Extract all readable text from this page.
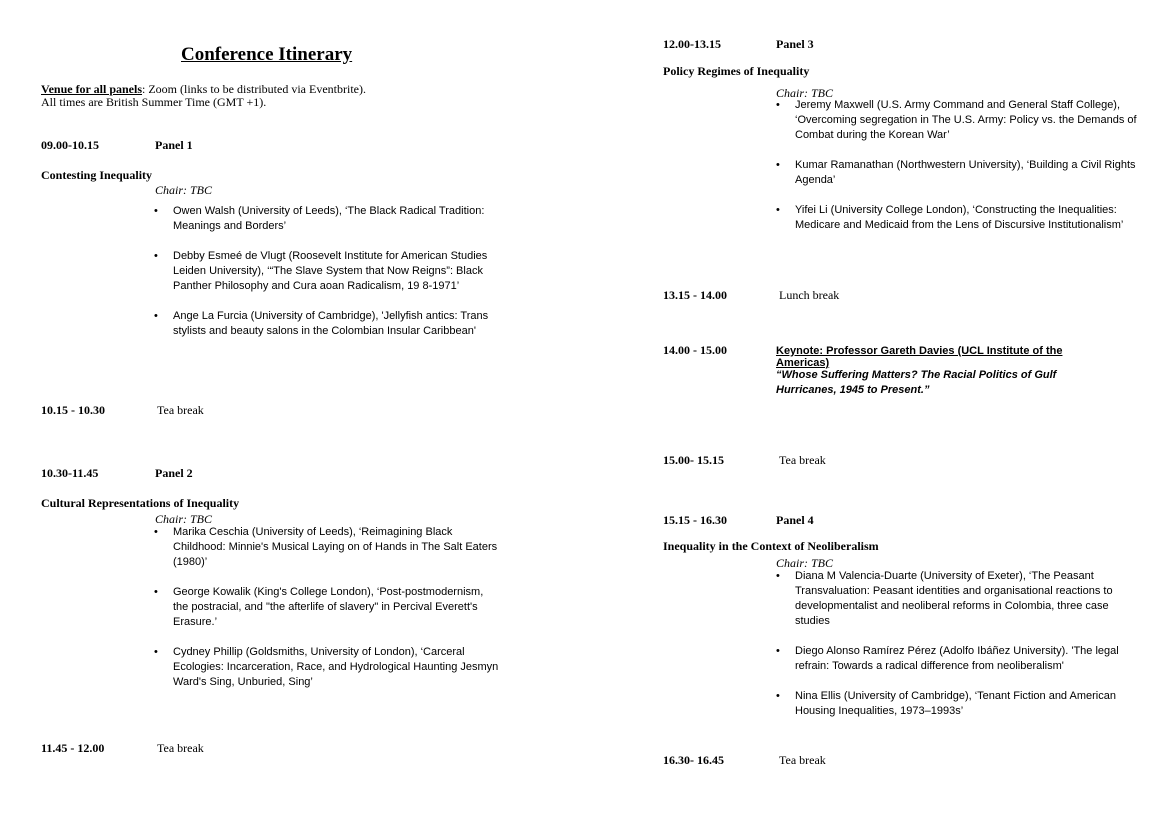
Conference Itinerary
Venue for all panels: Zoom (links to be distributed via Eventbrite).
All times are British Summer Time (GMT +1).
09.00-10.15	Panel 1
Contesting Inequality
Chair: TBC
• Owen Walsh (University of Leeds), ‘The Black Radical Tradition: Meanings and Borders’
• Debby Esmeé de Vlugt (Roosevelt Institute for American Studies Leiden University), ‘“The Slave System that Now Reigns”: Black Panther Philosophy and Cura aoan Radicalism, 19 8-1971’
• Ange La Furcia (University of Cambridge), 'Jellyfish antics: Trans stylists and beauty salons in the Colombian Insular Caribbean'
10.15 - 10.30	Tea break
10.30-11.45	Panel 2
Cultural Representations of Inequality
Chair: TBC
• Marika Ceschia (University of Leeds), ‘Reimagining Black Childhood: Minnie's Musical Laying on of Hands in The Salt Eaters (1980)’
• George Kowalik (King's College London), ‘Post-postmodernism, the postracial, and "the afterlife of slavery" in Percival Everett's Erasure.’
• Cydney Phillip (Goldsmiths, University of London), ‘Carceral Ecologies: Incarceration, Race, and Hydrological Haunting Jesmyn Ward's Sing, Unburied, Sing’
11.45 - 12.00	Tea break
12.00-13.15	Panel 3
Policy Regimes of Inequality
Chair: TBC
• Jeremy Maxwell (U.S. Army Command and General Staff College), ‘Overcoming segregation in The U.S. Army: Policy vs. the Demands of Combat during the Korean War’
• Kumar Ramanathan (Northwestern University), ‘Building a Civil Rights Agenda’
• Yifei Li (University College London), ‘Constructing the Inequalities: Medicare and Medicaid from the Lens of Discursive Institutionalism’
13.15 - 14.00	Lunch break
14.00 - 15.00	Keynote: Professor Gareth Davies (UCL Institute of the Americas)
“Whose Suffering Matters? The Racial Politics of Gulf Hurricanes, 1945 to Present.”
15.00- 15.15	Tea break
15.15 - 16.30	Panel 4
Inequality in the Context of Neoliberalism
Chair: TBC
• Diana M Valencia-Duarte (University of Exeter), ‘The Peasant Transvaluation: Peasant identities and organisational reactions to developmentalist and neoliberal reforms in Colombia, three case studies
• Diego Alonso Ramírez Pérez (Adolfo Ibáñez University). 'The legal refrain: Towards a radical difference from neoliberalism'
• Nina Ellis (University of Cambridge), ‘Tenant Fiction and American Housing Inequalities, 1973–1993s’
16.30- 16.45	Tea break
